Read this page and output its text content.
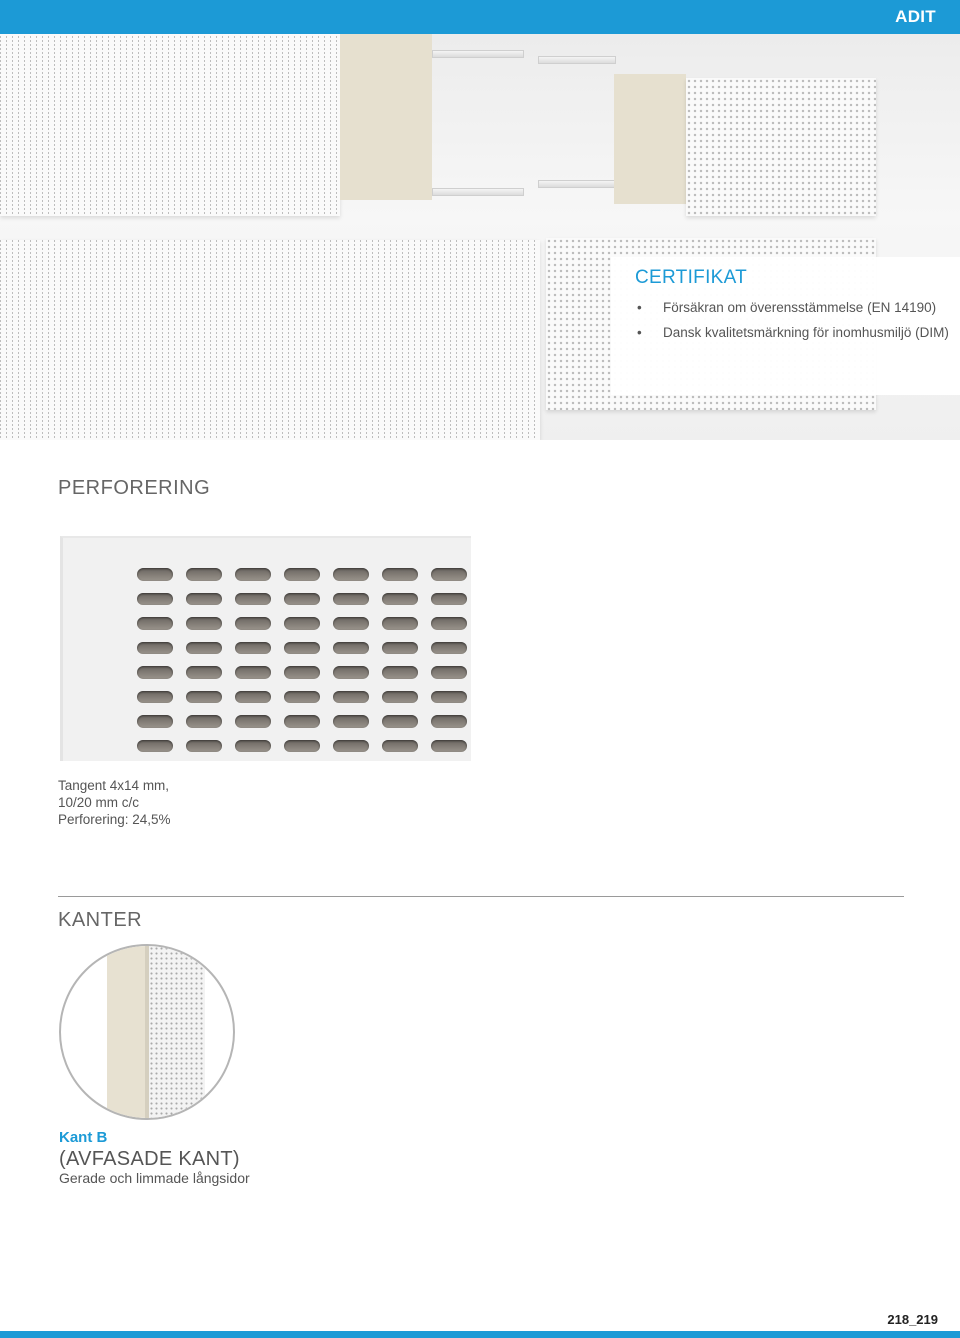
ADIT
CERTIFIKAT
• Försäkran om överensstämmelse (EN 14190)
• Dansk kvalitetsmärkning för inomhusmiljö (DIM)
PERFORERING
Tangent 4x14 mm,
10/20 mm c/c
Perforering: 24,5%
KANTER
Kant B
(AVFASADE KANT)
Gerade och limmade långsidor
218_219
